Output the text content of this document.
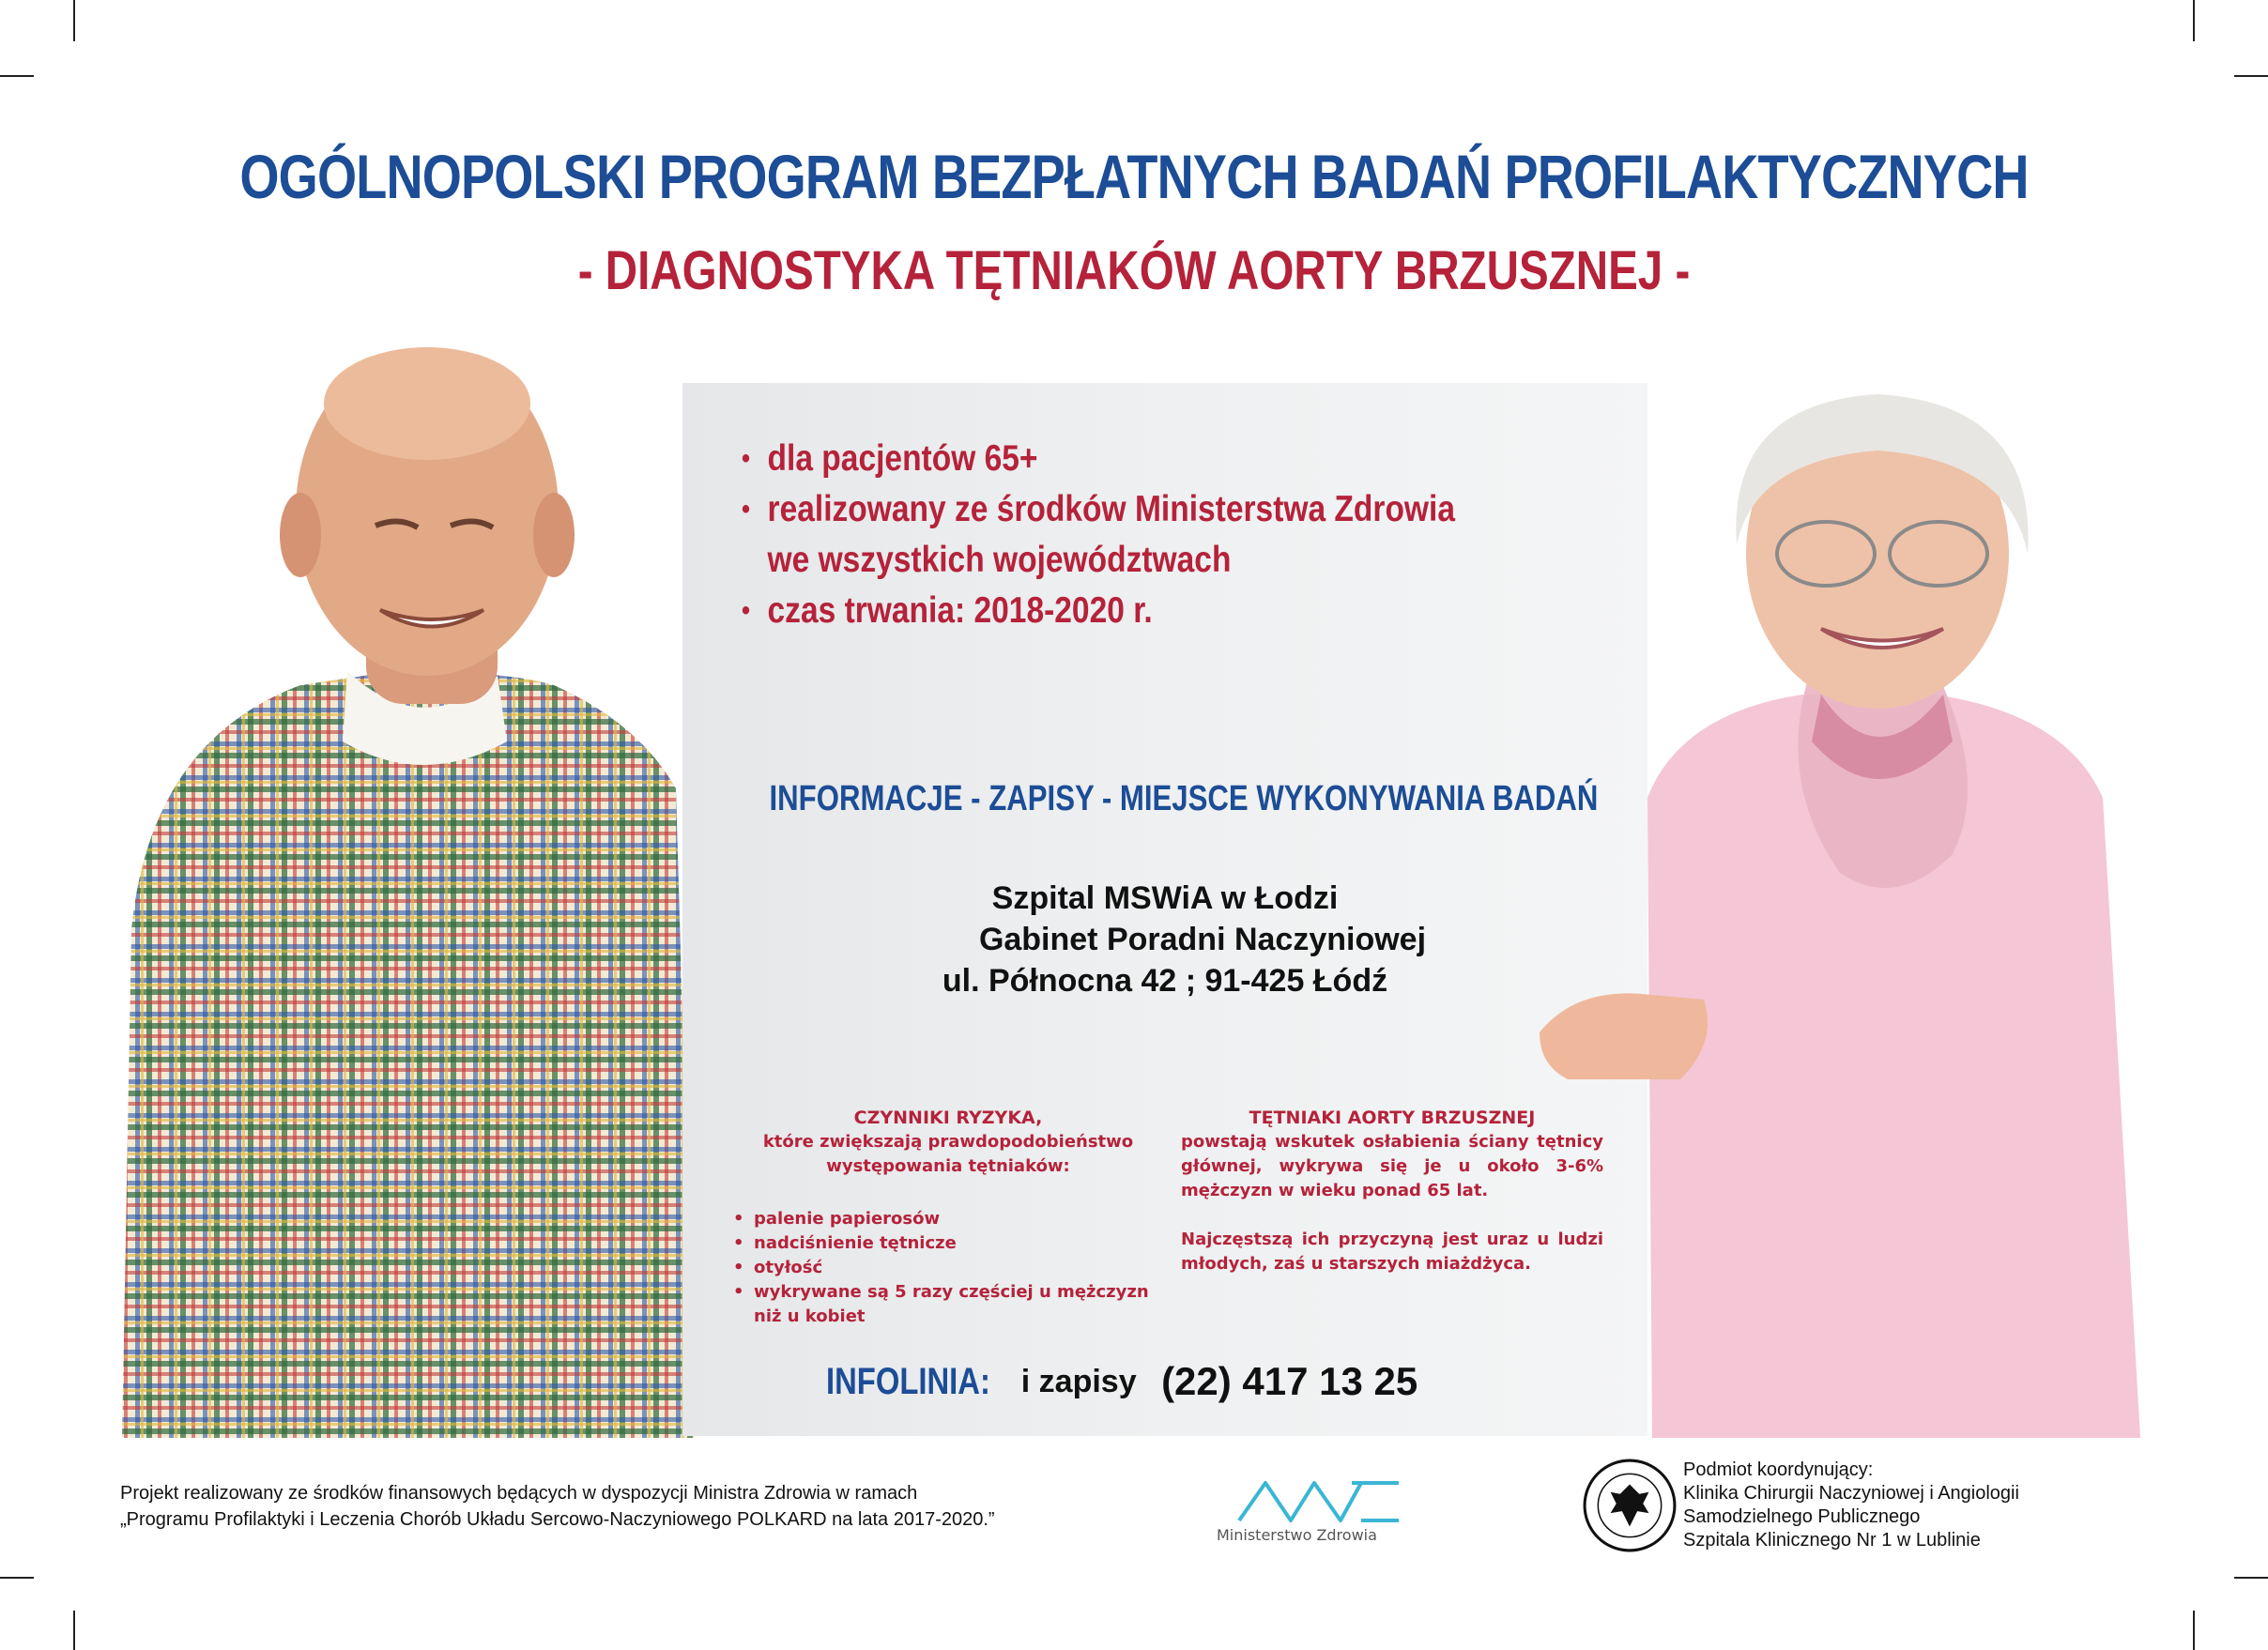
OGÓLNOPOLSKI PROGRAM BEZPŁATNYCH BADAŃ PROFILAKTYCZNYCH
- DIAGNOSTYKA TĘTNIAKÓW AORTY BRZUSZNEJ -
• dla pacjentów 65+
• realizowany ze środków Ministerstwa Zdrowia
we wszystkich województwach
• czas trwania: 2018-2020 r.
INFORMACJE - ZAPISY - MIEJSCE WYKONYWANIA BADAŃ
Szpital MSWiA w Łodzi
Gabinet Poradni Naczyniowej
ul. Północna 42 ; 91-425 Łódź
CZYNNIKI RYZYKA,
które zwiększają prawdopodobieństwo
występowania tętniaków:
• palenie papierosów
• nadciśnienie tętnicze
• otyłość
• wykrywane są 5 razy częściej u mężczyzn niż u kobiet
TĘTNIAKI AORTY BRZUSZNEJ
powstają wskutek osłabienia ściany tętnicy głównej, wykrywa się je u około 3-6% mężczyzn w wieku ponad 65 lat.
Najczęstszą ich przyczyną jest uraz u ludzi młodych, zaś u starszych miażdżyca.
INFOLINIA: i zapisy (22) 417 13 25
Projekt realizowany ze środków finansowych będących w dyspozycji Ministra Zdrowia w ramach
„Programu Profilaktyki i Leczenia Chorób Układu Sercowo-Naczyniowego POLKARD na lata 2017-2020.”
Ministerstwo Zdrowia
Podmiot koordynujący:
Klinika Chirurgii Naczyniowej i Angiologii
Samodzielnego Publicznego
Szpitala Klinicznego Nr 1 w Lublinie
